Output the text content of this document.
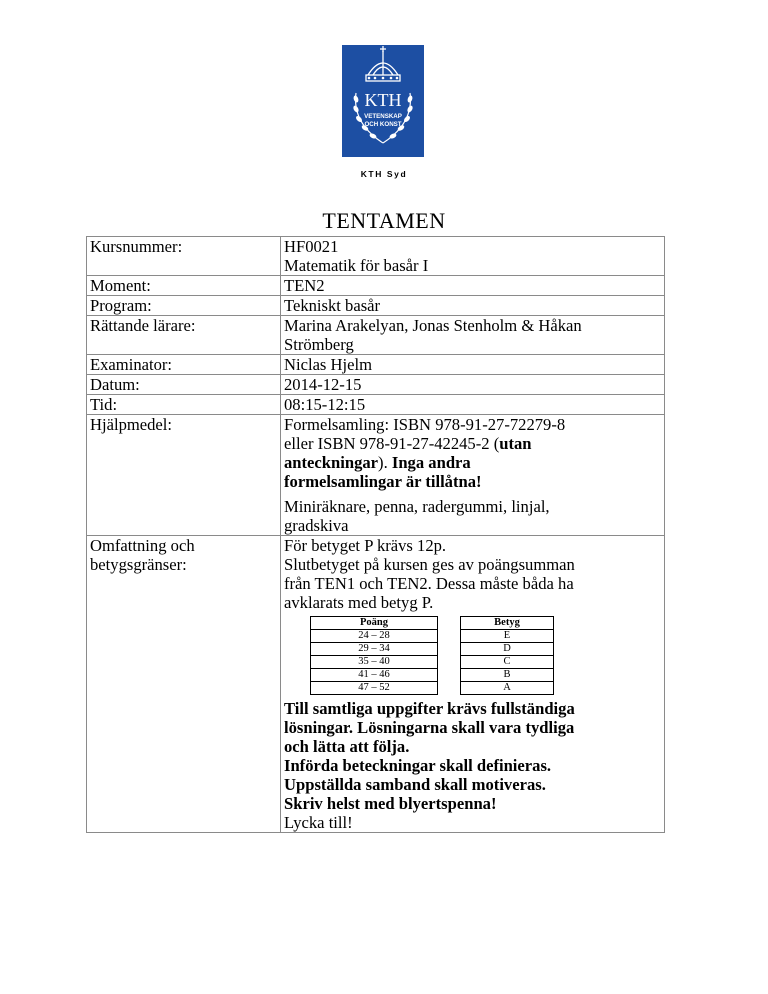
KTH
VETENSKAP
OCH KONST
KTH Syd
TENTAMEN
Kursnummer:	HF0021
Matematik för basår I

Moment:	TEN2
Program:	Tekniskt basår
Rättande lärare:	Marina Arakelyan, Jonas Stenholm & Håkan
Strömberg

Examinator:	Niclas Hjelm
Datum:	2014-12-15
Tid:	08:15-12:15
Hjälpmedel:	Formelsamling: ISBN 978-91-27-72279-8
eller ISBN 978-91-27-42245-2 (utan
anteckningar). Inga andra
formelsamlingar är tillåtna!
Miniräknare, penna, radergummi, linjal,
gradskiva

Omfattning och
betygsgränser:

För betyget P krävs 12p.
Slutbetyget på kursen ges av poängsumman
från TEN1 och TEN2. Dessa måste båda ha
avklarats med betyg P.
Poäng		Betyg
24 – 28		E
29 – 34		D
35 – 40		C
41 – 46		B
47 – 52		A
Till samtliga uppgifter krävs fullständiga
lösningar. Lösningarna skall vara tydliga
och lätta att följa.
Införda beteckningar skall definieras.
Uppställda samband skall motiveras.
Skriv helst med blyertspenna!
Lycka till!
